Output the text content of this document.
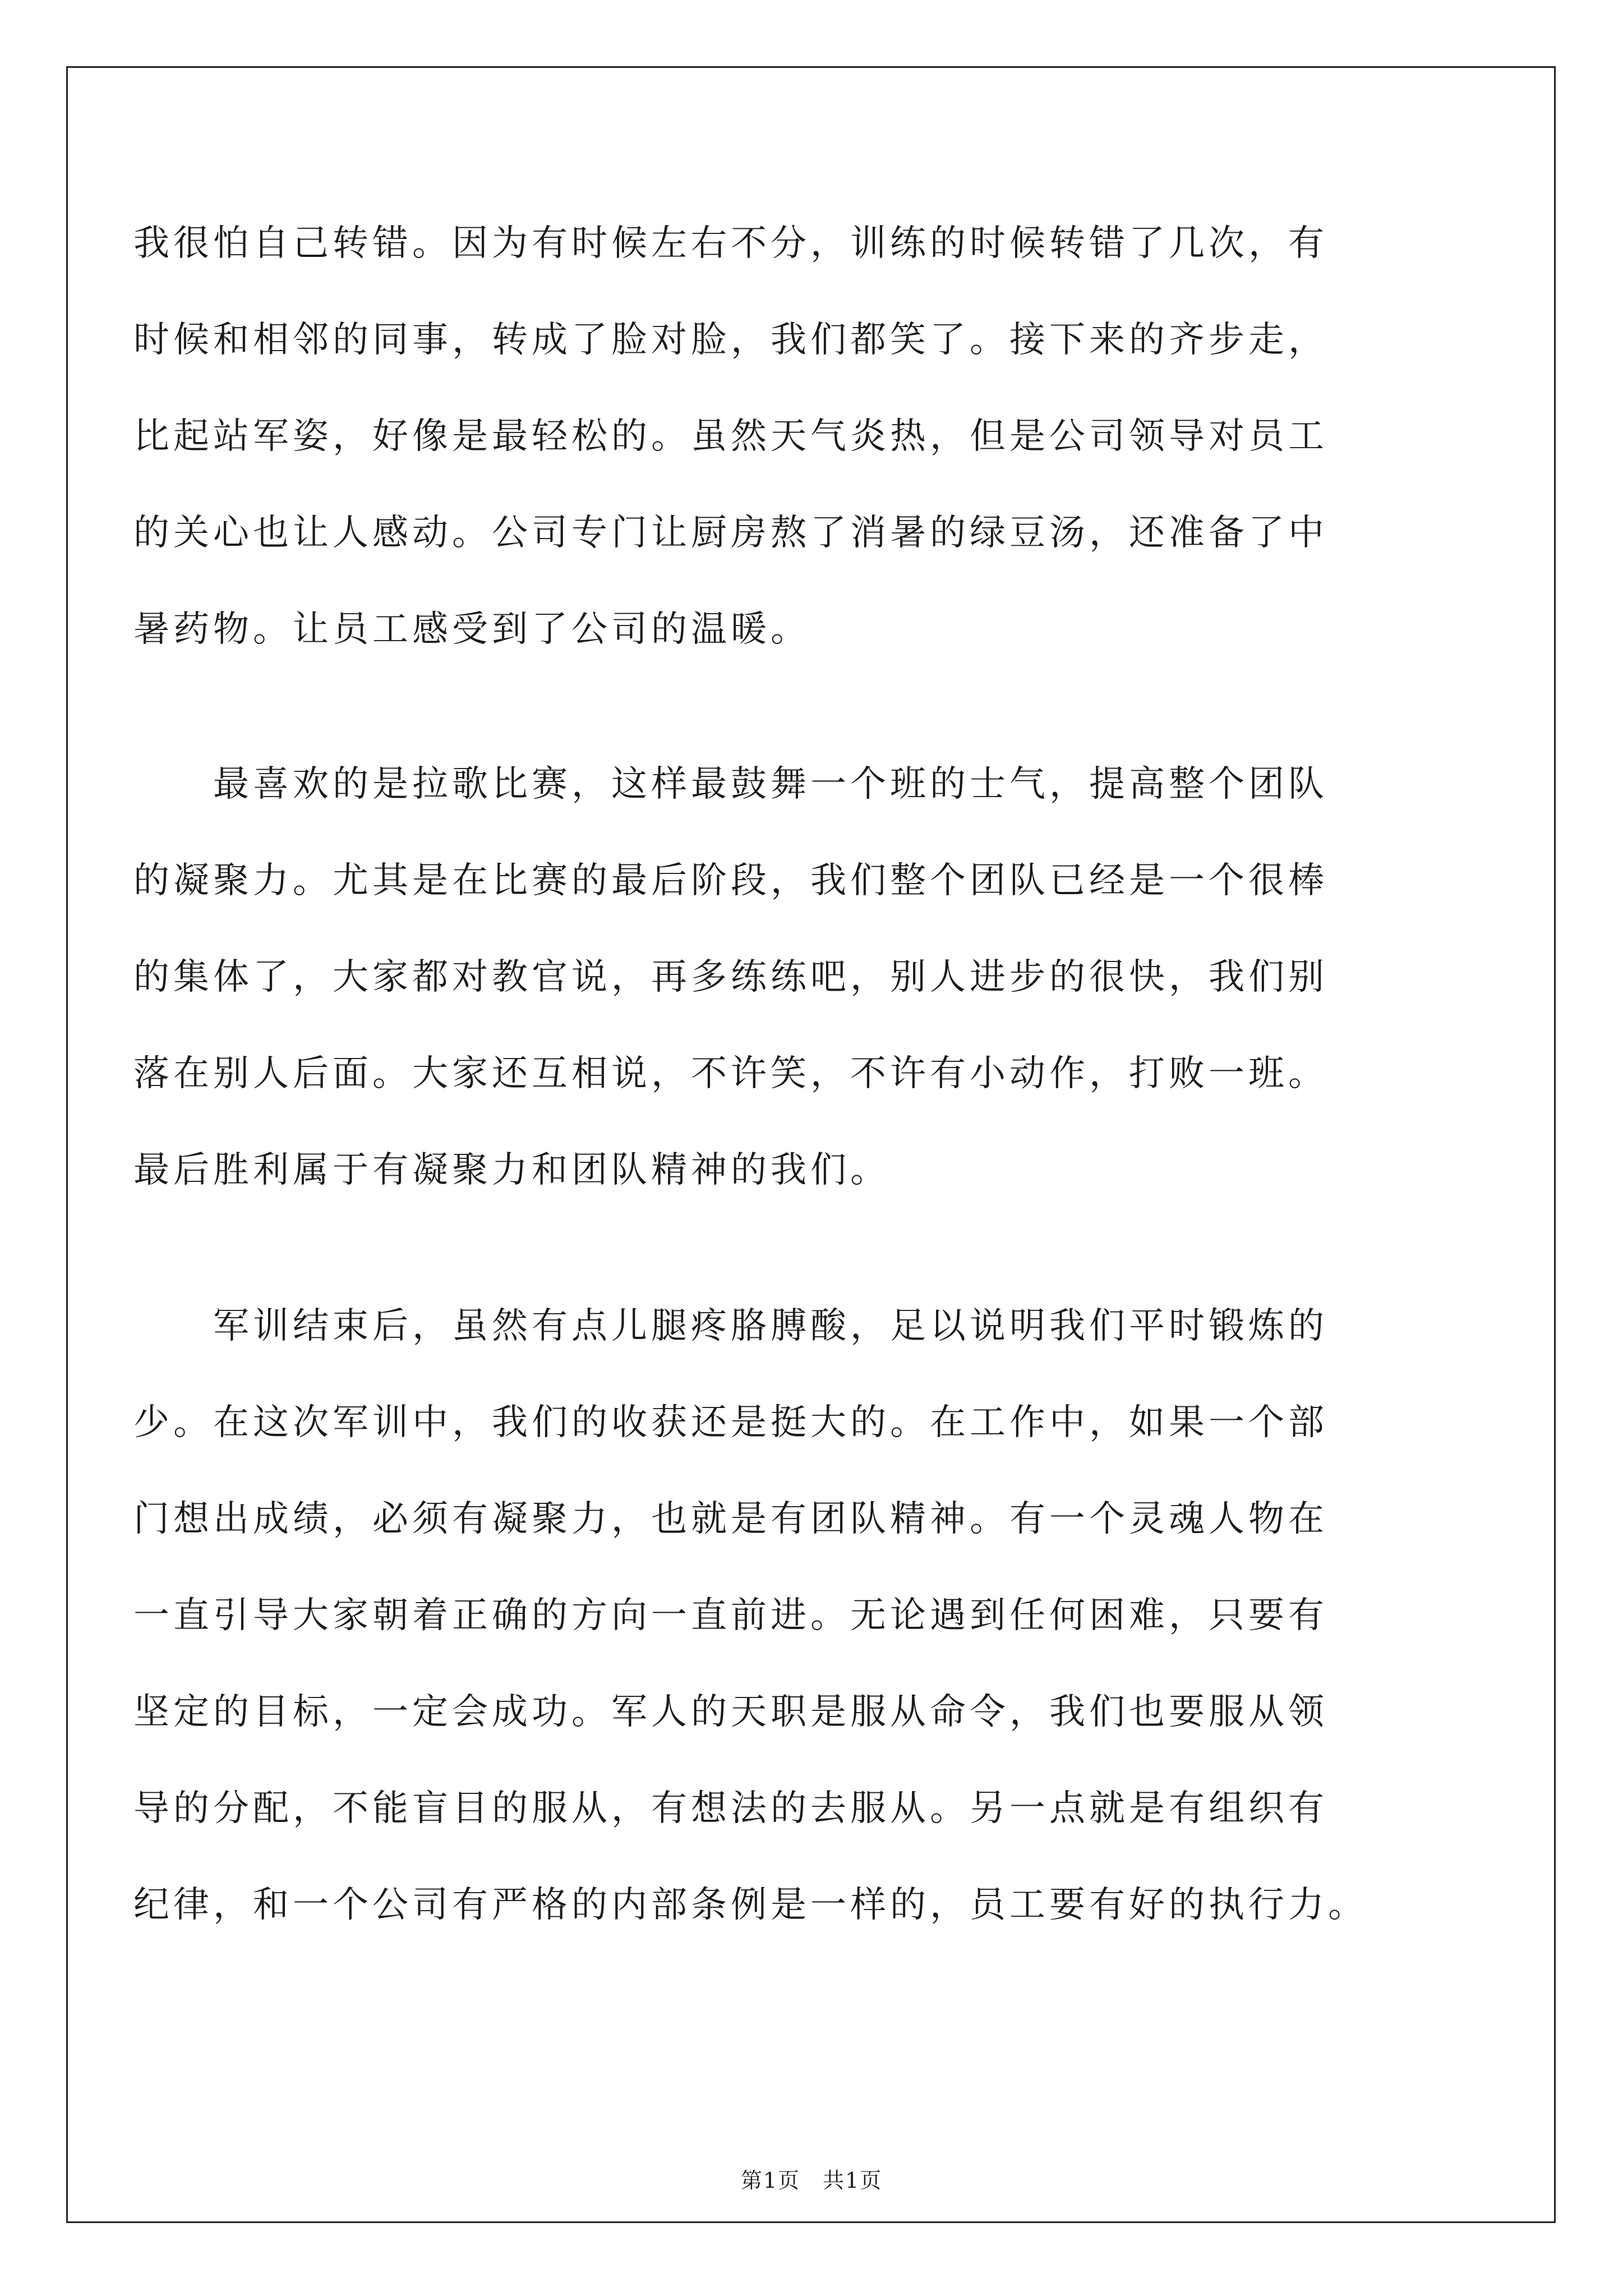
我很怕自己转错。因为有时候左右不分，训练的时候转错了几次，有

时候和相邻的同事，转成了脸对脸，我们都笑了。接下来的齐步走，

比起站军姿，好像是最轻松的。虽然天气炎热，但是公司领导对员工

的关心也让人感动。公司专门让厨房熬了消暑的绿豆汤，还准备了中

暑药物。让员工感受到了公司的温暖。

　　最喜欢的是拉歌比赛，这样最鼓舞一个班的士气，提高整个团队

的凝聚力。尤其是在比赛的最后阶段，我们整个团队已经是一个很棒

的集体了，大家都对教官说，再多练练吧，别人进步的很快，我们别

落在别人后面。大家还互相说，不许笑，不许有小动作，打败一班。

最后胜利属于有凝聚力和团队精神的我们。

　　军训结束后，虽然有点儿腿疼胳膊酸，足以说明我们平时锻炼的

少。在这次军训中，我们的收获还是挺大的。在工作中，如果一个部

门想出成绩，必须有凝聚力，也就是有团队精神。有一个灵魂人物在

一直引导大家朝着正确的方向一直前进。无论遇到任何困难，只要有

坚定的目标，一定会成功。军人的天职是服从命令，我们也要服从领

导的分配，不能盲目的服从，有想法的去服从。另一点就是有组织有

纪律，和一个公司有严格的内部条例是一样的，员工要有好的执行力。

第1页 共1页
